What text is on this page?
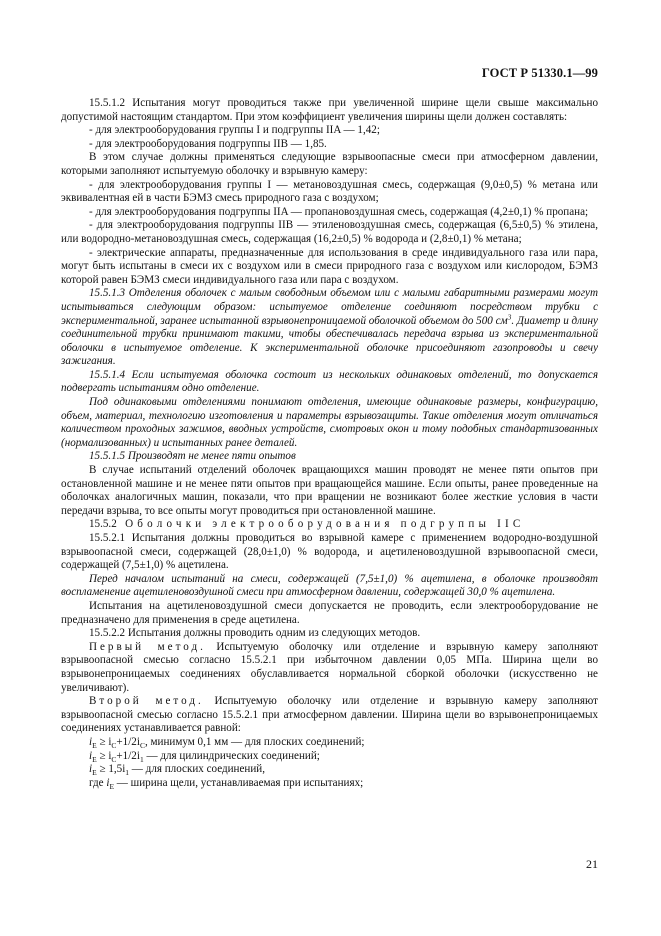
ГОСТ Р 51330.1—99

15.5.1.2 Испытания могут проводиться также при увеличенной ширине щели свыше максимально допустимой настоящим стандартом. При этом коэффициент увеличения ширины щели должен составлять:

- для электрооборудования группы I и подгруппы IIA — 1,42;

- для электрооборудования подгруппы IIB — 1,85.

В этом случае должны применяться следующие взрывоопасные смеси при атмосферном давлении, которыми заполняют испытуемую оболочку и взрывную камеру:

- для электрооборудования группы I — метановоздушная смесь, содержащая (9,0±0,5) % метана или эквивалентная ей в части БЭМЗ смесь природного газа с воздухом;

- для электрооборудования подгруппы IIA — пропановоздушная смесь, содержащая (4,2±0,1) % пропана;

- для электрооборудования подгруппы IIB — этиленовоздушная смесь, содержащая (6,5±0,5) % этилена, или водородно-метановоздушная смесь, содержащая (16,2±0,5) % водорода и (2,8±0,1) % метана;

- электрические аппараты, предназначенные для использования в среде индивидуального газа или пара, могут быть испытаны в смеси их с воздухом или в смеси природного газа с воздухом или кислородом, БЭМЗ которой равен БЭМЗ смеси индивидуального газа или пара с воздухом.

15.5.1.3 Отделения оболочек с малым свободным объемом или с малыми габаритными размерами могут испытываться следующим образом: испытуемое отделение соединяют посредством трубки с экспериментальной, заранее испытанной взрывонепроницаемой оболочкой объемом до 500 $см^3$. Диаметр и длину соединительной трубки принимают такими, чтобы обеспечивалась передача взрыва из экспериментальной оболочки в испытуемое отделение. К экспериментальной оболочке присоединяют газопроводы и свечу зажигания.

15.5.1.4 Если испытуемая оболочка состоит из нескольких одинаковых отделений, то допускается подвергать испытаниям одно отделение.

Под одинаковыми отделениями понимают отделения, имеющие одинаковые размеры, конфигурацию, объем, материал, технологию изготовления и параметры взрывозащиты. Такие отделения могут отличаться количеством проходных зажимов, вводных устройств, смотровых окон и тому подобных стандартизованных (нормализованных) и испытанных ранее деталей.

15.5.1.5 Производят не менее пяти опытов

В случае испытаний отделений оболочек вращающихся машин проводят не менее пяти опытов при остановленной машине и не менее пяти опытов при вращающейся машине. Если опыты, ранее проведенные на оболочках аналогичных машин, показали, что при вращении не возникают более жесткие условия в части передачи взрыва, то все опыты могут проводиться при остановленной машине.

15.5.2 Оболочки электрооборудования подгруппы IIC

15.5.2.1 Испытания должны проводиться во взрывной камере с применением водородно-воздушной взрывоопасной смеси, содержащей (28,0±1,0) % водорода, и ацетиленовоздушной взрывоопасной смеси, содержащей (7,5±1,0) % ацетилена.

Перед началом испытаний на смеси, содержащей (7,5±1,0) % ацетилена, в оболочке производят воспламенение ацетиленовоздушной смеси при атмосферном давлении, содержащей 30,0 % ацетилена.

Испытания на ацетиленовоздушной смеси допускается не проводить, если электрооборудование не предназначено для применения в среде ацетилена.

15.5.2.2 Испытания должны проводить одним из следующих методов.

Первый метод. Испытуемую оболочку или отделение и взрывную камеру заполняют взрывоопасной смесью согласно 15.5.2.1 при избыточном давлении 0,05 МПа. Ширина щели во взрывонепроницаемых соединениях обуславливается нормальной сборкой оболочки (искусственно не увеличивают).

Второй метод. Испытуемую оболочку или отделение и взрывную камеру заполняют взрывоопасной смесью согласно 15.5.2.1 при атмосферном давлении. Ширина щели во взрывонепроницаемых соединениях устанавливается равной:

$i_E \ge i_C+1/2i_C$, минимум 0,1 мм — для плоских соединений;

$i_E \ge i_C+1/2i_1$ — для цилиндрических соединений;

$i_E \ge 1,5i_1$ — для плоских соединений,

где $i_E$ — ширина щели, устанавливаемая при испытаниях;

21
